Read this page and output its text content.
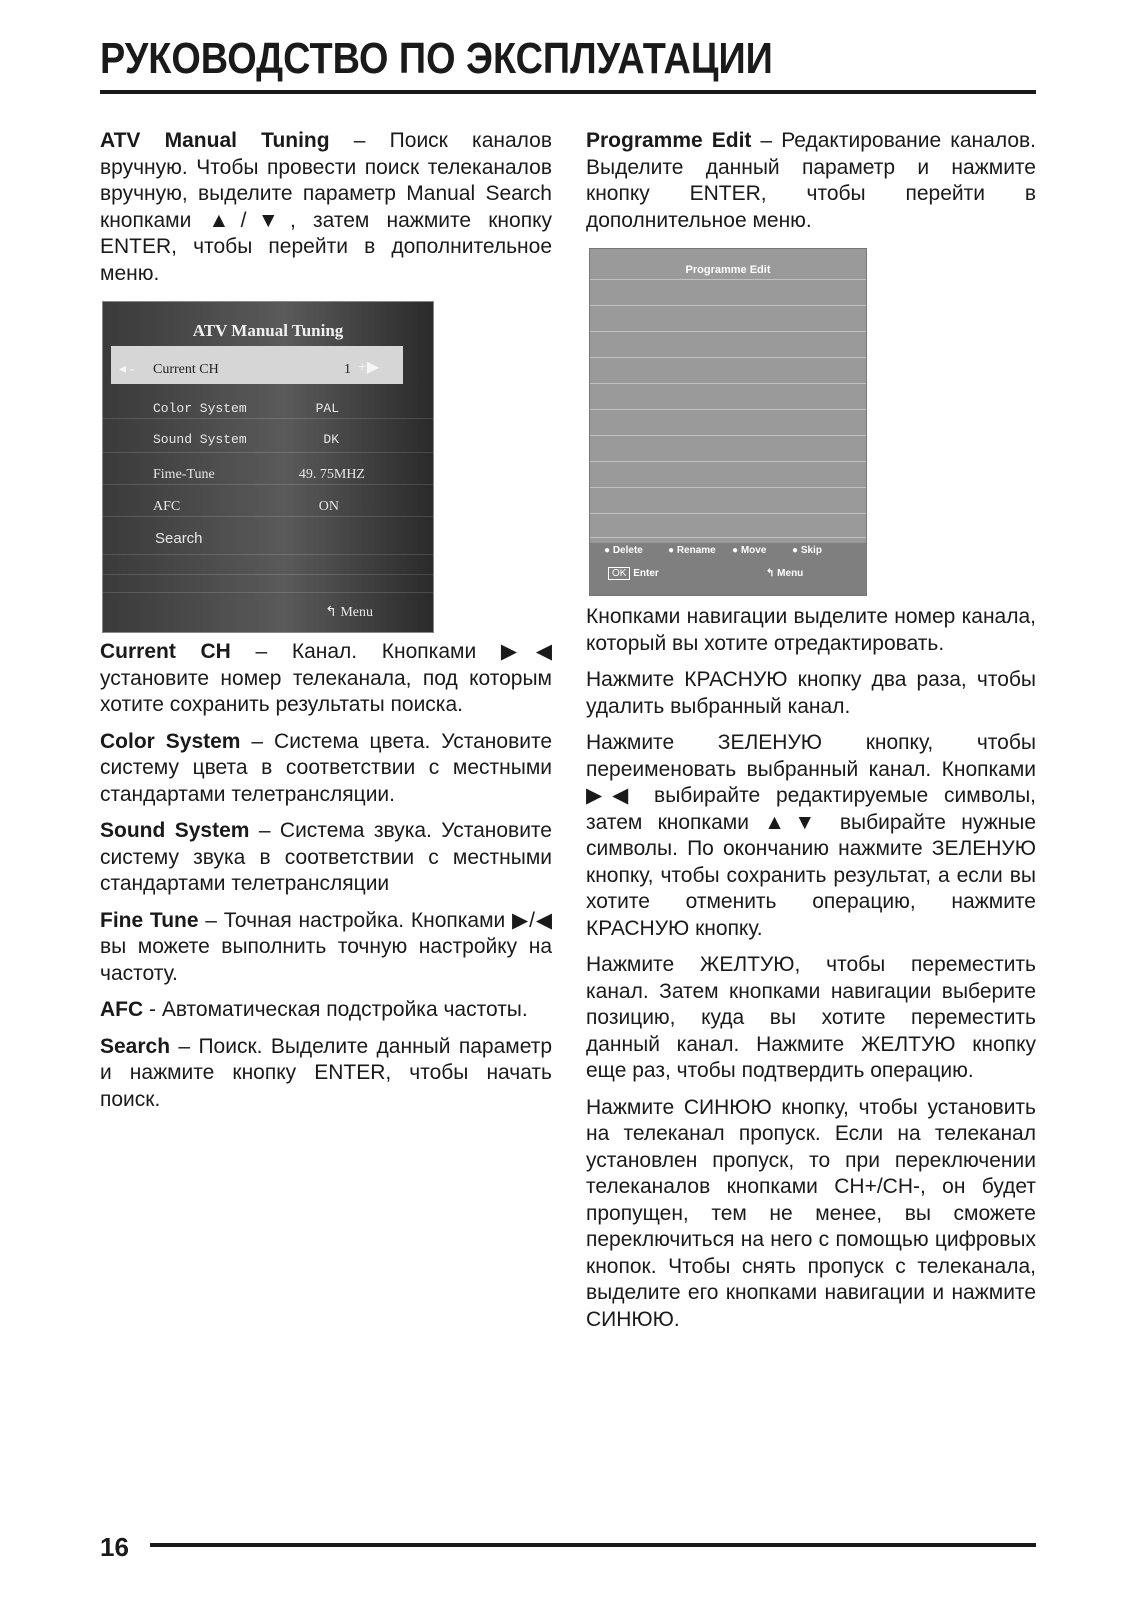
РУКОВОДСТВО ПО ЭКСПЛУАТАЦИИ

ATV Manual Tuning – Поиск каналов вручную. Чтобы провести поиск телеканалов вручную, выделите параметр Manual Search кнопками ▲/▼, затем нажмите кнопку ENTER, чтобы перейти в дополнительное меню.

ATV Manual Tuning
◂ - Current CH	1 +▶
Color System	PAL
Sound System	DK
Fime-Tune	49. 75MHZ
AFC	ON
Search
↰ Menu

Current CH – Канал. Кнопками ▶◀ установите номер телеканала, под которым хотите сохранить результаты поиска.

Color System – Система цвета. Установите систему цвета в соответствии с местными стандартами телетрансляции.

Sound System – Система звука. Установите систему звука в соответствии с местными стандартами телетрансляции

Fine Tune – Точная настройка. Кнопками ▶/◀ вы можете выполнить точную настройку на частоту.

AFC - Автоматическая подстройка частоты.

Search – Поиск. Выделите данный параметр и нажмите кнопку ENTER, чтобы начать поиск.

Programme Edit – Редактирование каналов. Выделите данный параметр и нажмите кнопку ENTER, чтобы перейти в дополнительное меню.

Programme Edit
● Delete	● Rename ● Move	● Skip
OK Enter	↰ Menu

Кнопками навигации выделите номер канала, который вы хотите отредактировать.

Нажмите КРАСНУЮ кнопку два раза, чтобы удалить выбранный канал.

Нажмите ЗЕЛЕНУЮ кнопку, чтобы переименовать выбранный канал. Кнопками ▶◀ выбирайте редактируемые символы, затем кнопками ▲▼ выбирайте нужные символы. По окончанию нажмите ЗЕЛЕНУЮ кнопку, чтобы сохранить результат, а если вы хотите отменить операцию, нажмите КРАСНУЮ кнопку.

Нажмите ЖЕЛТУЮ, чтобы переместить канал. Затем кнопками навигации выберите позицию, куда вы хотите переместить данный канал. Нажмите ЖЕЛТУЮ кнопку еще раз, чтобы подтвердить операцию.

Нажмите СИНЮЮ кнопку, чтобы установить на телеканал пропуск. Если на телеканал установлен пропуск, то при переключении телеканалов кнопками CH+/CH-, он будет пропущен, тем не менее, вы сможете переключиться на него с помощью цифровых кнопок. Чтобы снять пропуск с телеканала, выделите его кнопками навигации и нажмите СИНЮЮ.

16
